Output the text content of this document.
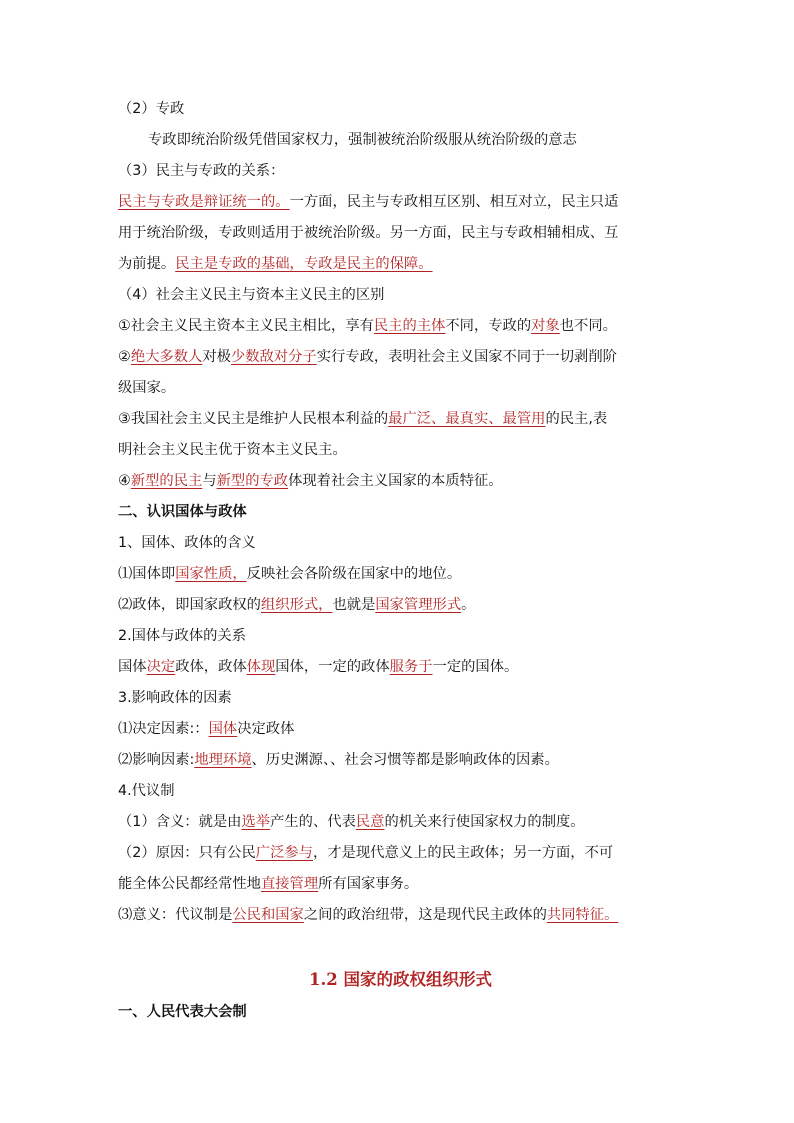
（2）专政
专政即统治阶级凭借国家权力，强制被统治阶级服从统治阶级的意志
（3）民主与专政的关系：
民主与专政是辩证统一的。一方面，民主与专政相互区别、相互对立，民主只适
用于统治阶级，专政则适用于被统治阶级。另一方面，民主与专政相辅相成、互
为前提。民主是专政的基础，专政是民主的保障。
（4）社会主义民主与资本主义民主的区别
①社会主义民主资本主义民主相比，享有民主的主体不同，专政的对象也不同。
②绝大多数人对极少数敌对分子实行专政，表明社会主义国家不同于一切剥削阶
级国家。
③我国社会主义民主是维护人民根本利益的最广泛、最真实、最管用的民主,表
明社会主义民主优于资本主义民主。
④新型的民主与新型的专政体现着社会主义国家的本质特征。
二、认识国体与政体
1、国体、政体的含义
⑴国体即国家性质，反映社会各阶级在国家中的地位。
⑵政体，即国家政权的组织形式，也就是国家管理形式。
2.国体与政体的关系
国体决定政体，政体体现国体，一定的政体服务于一定的国体。
3.影响政体的因素
⑴决定因素:：国体决定政体
⑵影响因素:地理环境、历史渊源、、社会习惯等都是影响政体的因素。
4.代议制
（1）含义：就是由选举产生的、代表民意的机关来行使国家权力的制度。
（2）原因：只有公民广泛参与，才是现代意义上的民主政体；另一方面，不可
能全体公民都经常性地直接管理所有国家事务。
⑶意义：代议制是公民和国家之间的政治纽带，这是现代民主政体的共同特征。
1.2 国家的政权组织形式
一、人民代表大会制
